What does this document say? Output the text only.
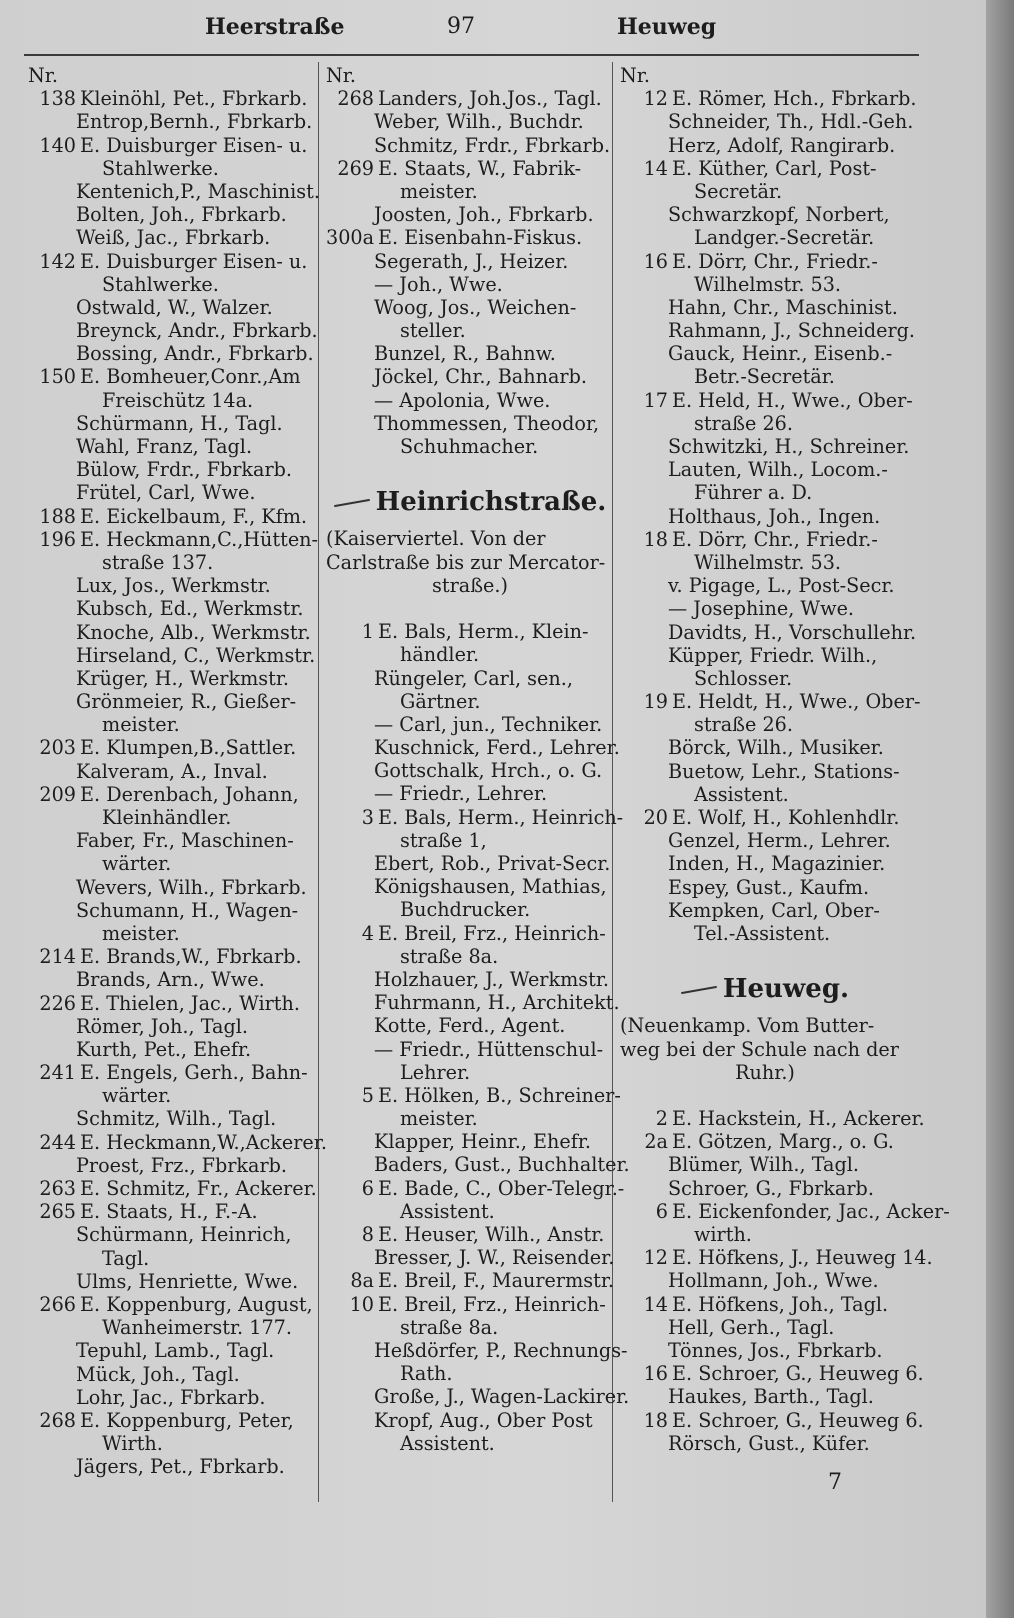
Heerstraße	97	Heuweg
Nr.
138 Kleinöhl, Pet., Fbrkarb.
Entrop,Bernh., Fbrkarb.
140 E. Duisburger Eisen- u.
Stahlwerke.
Kentenich,P., Maschinist.
Bolten, Joh., Fbrkarb.
Weiß, Jac., Fbrkarb.
142 E. Duisburger Eisen- u.
Stahlwerke.
Ostwald, W., Walzer.
Breynck, Andr., Fbrkarb.
Bossing, Andr., Fbrkarb.
150 E. Bomheuer,Conr.,Am
Freischütz 14a.
Schürmann, H., Tagl.
Wahl, Franz, Tagl.
Bülow, Frdr., Fbrkarb.
Frütel, Carl, Wwe.
188 E. Eickelbaum, F., Kfm.
196 E. Heckmann,C.,Hütten-
straße 137.
Lux, Jos., Werkmstr.
Kubsch, Ed., Werkmstr.
Knoche, Alb., Werkmstr.
Hirseland, C., Werkmstr.
Krüger, H., Werkmstr.
Grönmeier, R., Gießer-
meister.
203 E. Klumpen,B.,Sattler.
Kalveram, A., Inval.
209 E. Derenbach, Johann,
Kleinhändler.
Faber, Fr., Maschinen-
wärter.
Wevers, Wilh., Fbrkarb.
Schumann, H., Wagen-
meister.
214 E. Brands,W., Fbrkarb.
Brands, Arn., Wwe.
226 E. Thielen, Jac., Wirth.
Römer, Joh., Tagl.
Kurth, Pet., Ehefr.
241 E. Engels, Gerh., Bahn-
wärter.
Schmitz, Wilh., Tagl.
244 E. Heckmann,W.,Ackerer.
Proest, Frz., Fbrkarb.
263 E. Schmitz, Fr., Ackerer.
265 E. Staats, H., F.-A.
Schürmann, Heinrich,
Tagl.
Ulms, Henriette, Wwe.
266 E. Koppenburg, August,
Wanheimerstr. 177.
Tepuhl, Lamb., Tagl.
Mück, Joh., Tagl.
Lohr, Jac., Fbrkarb.
268 E. Koppenburg, Peter,
Wirth.
Jägers, Pet., Fbrkarb.
Nr.
268 Landers, Joh.Jos., Tagl.
Weber, Wilh., Buchdr.
Schmitz, Frdr., Fbrkarb.
269 E. Staats, W., Fabrik-
meister.
Joosten, Joh., Fbrkarb.
300a E. Eisenbahn-Fiskus.
Segerath, J., Heizer.
— Joh., Wwe.
Woog, Jos., Weichen-
steller.
Bunzel, R., Bahnw.
Jöckel, Chr., Bahnarb.
— Apolonia, Wwe.
Thommessen, Theodor,
Schuhmacher.
Heinrichstraße.
(Kaiserviertel. Von der
Carlstraße bis zur Mercator-
straße.)
1 E. Bals, Herm., Klein-
händler.
Rüngeler, Carl, sen.,
Gärtner.
— Carl, jun., Techniker.
Kuschnick, Ferd., Lehrer.
Gottschalk, Hrch., o. G.
— Friedr., Lehrer.
3 E. Bals, Herm., Heinrich-
straße 1,
Ebert, Rob., Privat-Secr.
Königshausen, Mathias,
Buchdrucker.
4 E. Breil, Frz., Heinrich-
straße 8a.
Holzhauer, J., Werkmstr.
Fuhrmann, H., Architekt.
Kotte, Ferd., Agent.
— Friedr., Hüttenschul-
Lehrer.
5 E. Hölken, B., Schreiner-
meister.
Klapper, Heinr., Ehefr.
Baders, Gust., Buchhalter.
6 E. Bade, C., Ober-Telegr.-
Assistent.
8 E. Heuser, Wilh., Anstr.
Bresser, J. W., Reisender.
8a E. Breil, F., Maurermstr.
10 E. Breil, Frz., Heinrich-
straße 8a.
Heßdörfer, P., Rechnungs-
Rath.
Große, J., Wagen-Lackirer.
Kropf, Aug., Ober Post
Assistent.
Nr.
12 E. Römer, Hch., Fbrkarb.
Schneider, Th., Hdl.-Geh.
Herz, Adolf, Rangirarb.
14 E. Küther, Carl, Post-
Secretär.
Schwarzkopf, Norbert,
Landger.-Secretär.
16 E. Dörr, Chr., Friedr.-
Wilhelmstr. 53.
Hahn, Chr., Maschinist.
Rahmann, J., Schneiderg.
Gauck, Heinr., Eisenb.-
Betr.-Secretär.
17 E. Held, H., Wwe., Ober-
straße 26.
Schwitzki, H., Schreiner.
Lauten, Wilh., Locom.-
Führer a. D.
Holthaus, Joh., Ingen.
18 E. Dörr, Chr., Friedr.-
Wilhelmstr. 53.
v. Pigage, L., Post-Secr.
— Josephine, Wwe.
Davidts, H., Vorschullehr.
Küpper, Friedr. Wilh.,
Schlosser.
19 E. Heldt, H., Wwe., Ober-
straße 26.
Börck, Wilh., Musiker.
Buetow, Lehr., Stations-
Assistent.
20 E. Wolf, H., Kohlenhdlr.
Genzel, Herm., Lehrer.
Inden, H., Magazinier.
Espey, Gust., Kaufm.
Kempken, Carl, Ober-
Tel.-Assistent.
Heuweg.
(Neuenkamp. Vom Butter-
weg bei der Schule nach der
Ruhr.)
2 E. Hackstein, H., Ackerer.
2a E. Götzen, Marg., o. G.
Blümer, Wilh., Tagl.
Schroer, G., Fbrkarb.
6 E. Eickenfonder, Jac., Acker-
wirth.
12 E. Höfkens, J., Heuweg 14.
Hollmann, Joh., Wwe.
14 E. Höfkens, Joh., Tagl.
Hell, Gerh., Tagl.
Tönnes, Jos., Fbrkarb.
16 E. Schroer, G., Heuweg 6.
Haukes, Barth., Tagl.
18 E. Schroer, G., Heuweg 6.
Rörsch, Gust., Küfer.
7
